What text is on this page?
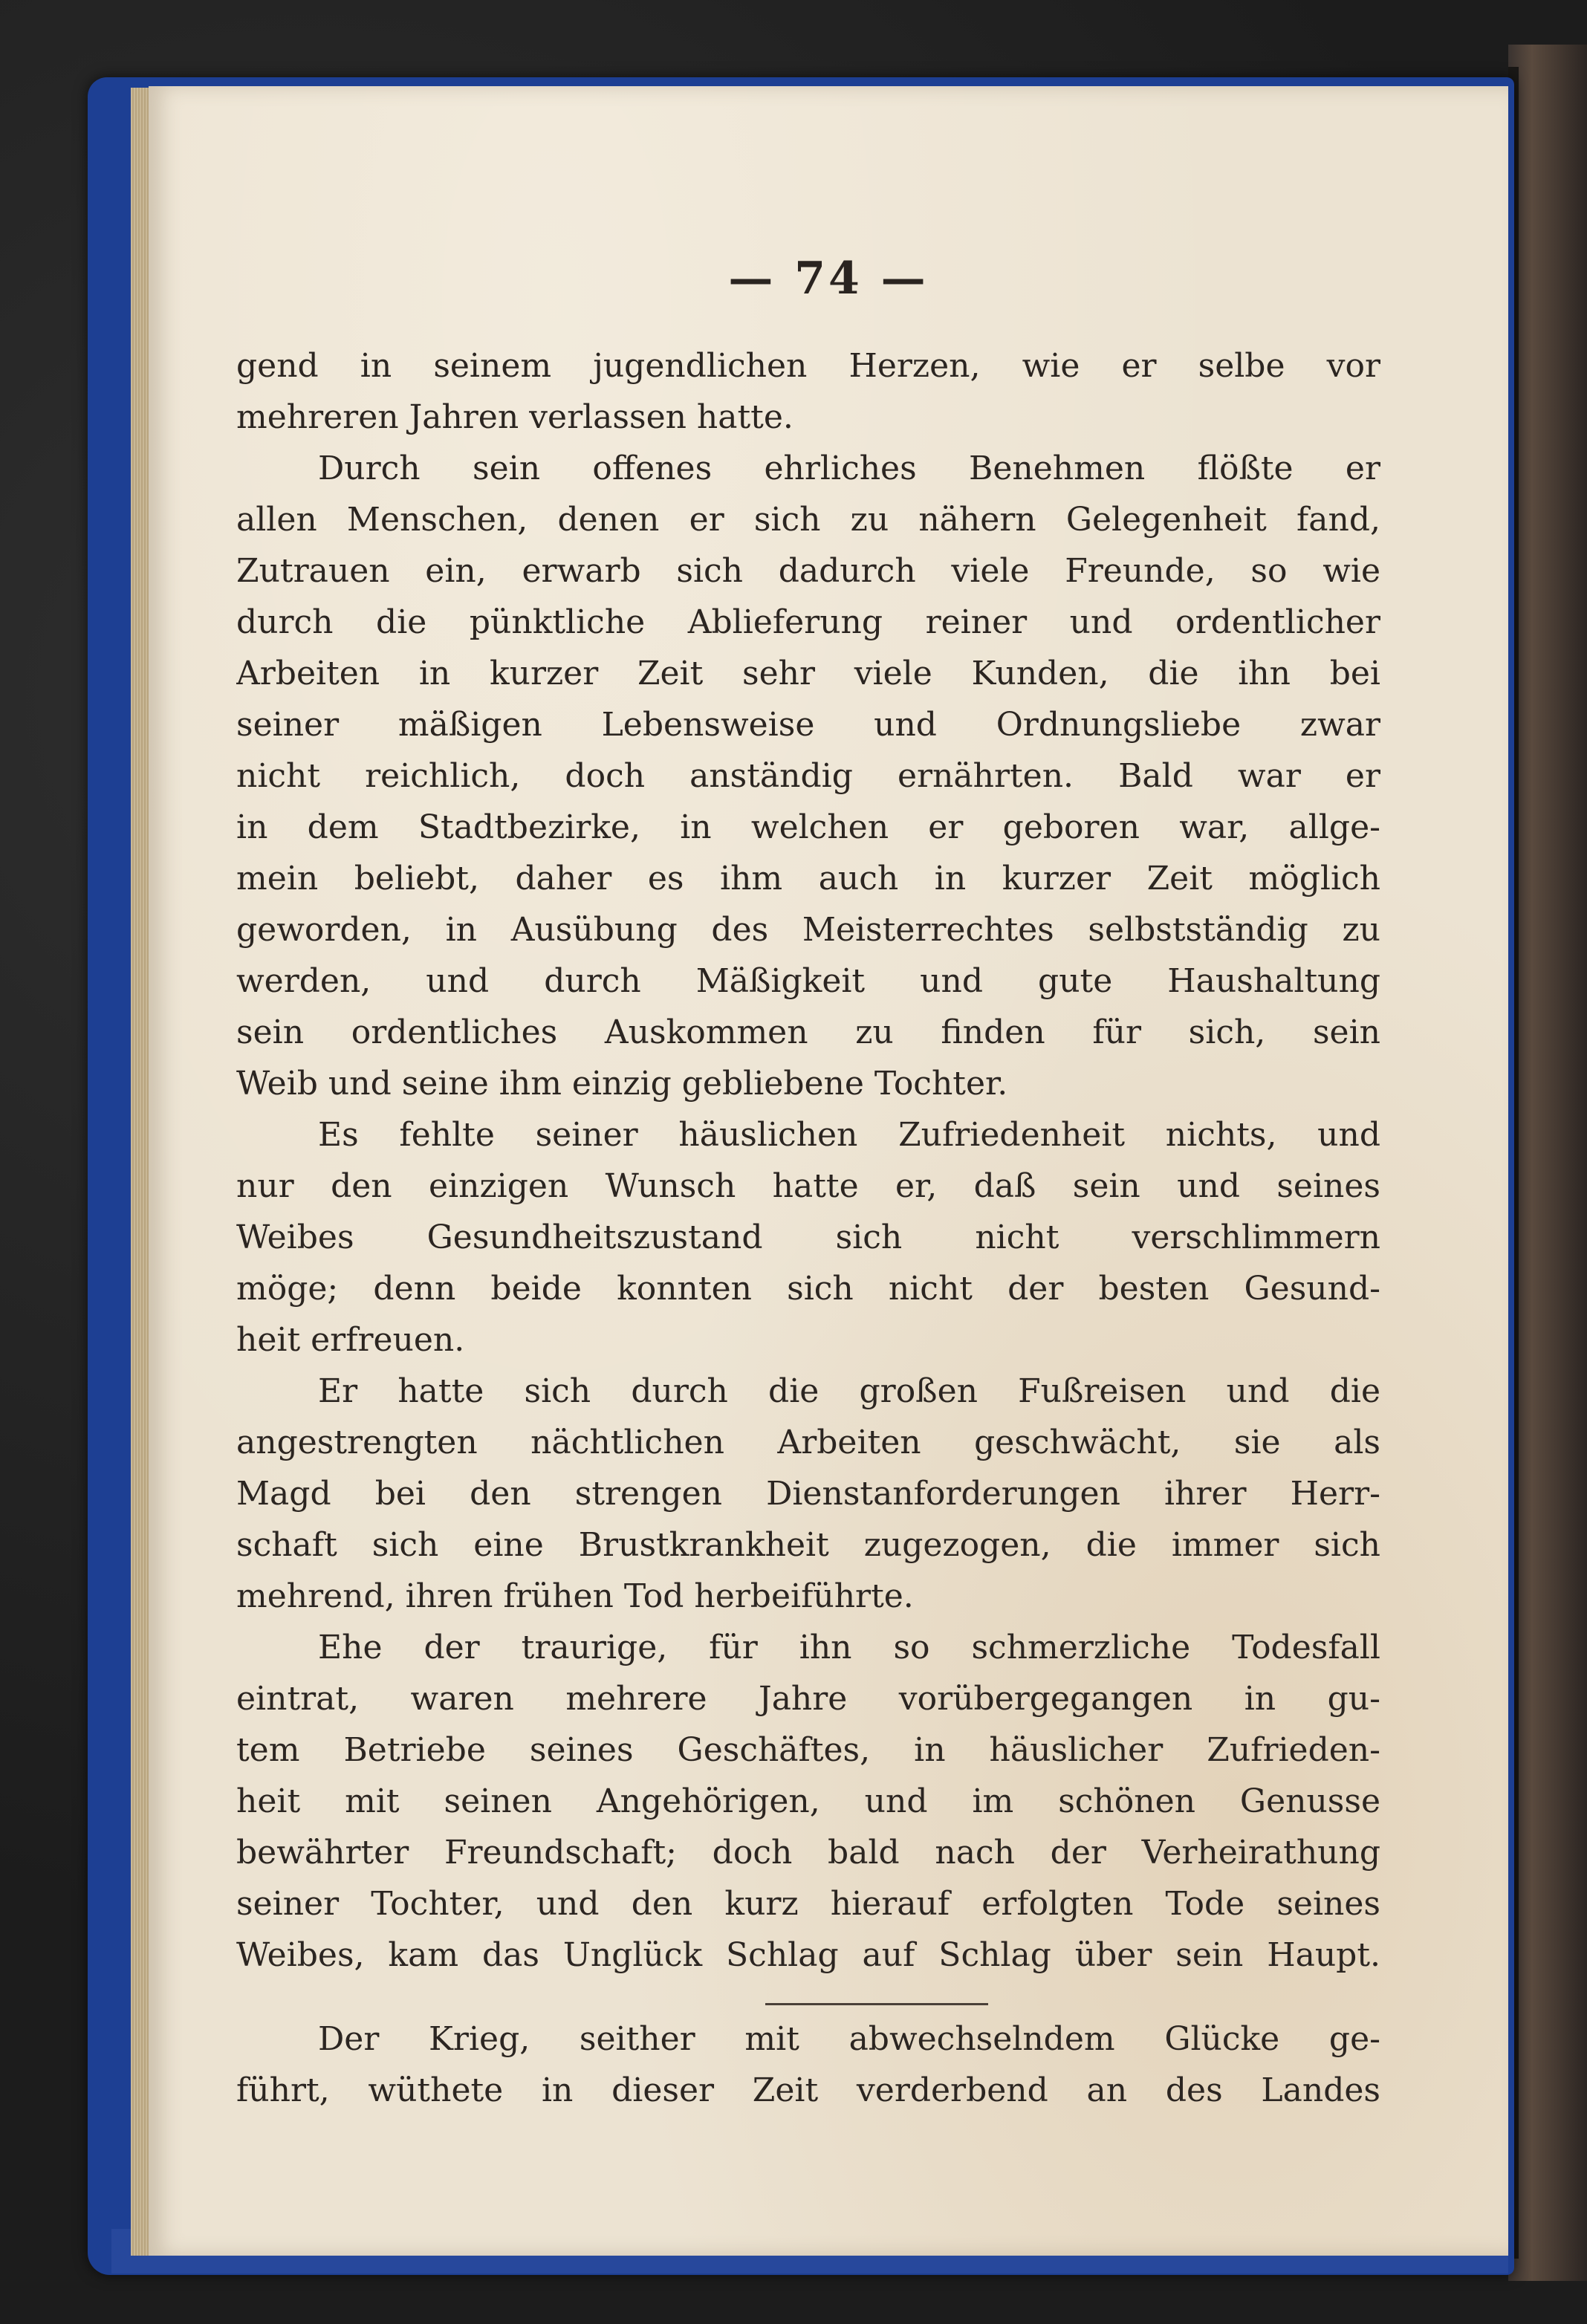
— 74 —
gend in seinem jugendlichen Herzen, wie er selbe vor
mehreren Jahren verlassen hatte.
Durch sein offenes ehrliches Benehmen flößte er
allen Menschen, denen er sich zu nähern Gelegenheit fand,
Zutrauen ein, erwarb sich dadurch viele Freunde, so wie
durch die pünktliche Ablieferung reiner und ordentlicher
Arbeiten in kurzer Zeit sehr viele Kunden, die ihn bei
seiner mäßigen Lebensweise und Ordnungsliebe zwar
nicht reichlich, doch anständig ernährten. Bald war er
in dem Stadtbezirke, in welchen er geboren war, allge-
mein beliebt, daher es ihm auch in kurzer Zeit möglich
geworden, in Ausübung des Meisterrechtes selbstständig zu
werden, und durch Mäßigkeit und gute Haushaltung
sein ordentliches Auskommen zu finden für sich, sein
Weib und seine ihm einzig gebliebene Tochter.
Es fehlte seiner häuslichen Zufriedenheit nichts, und
nur den einzigen Wunsch hatte er, daß sein und seines
Weibes Gesundheitszustand sich nicht verschlimmern
möge; denn beide konnten sich nicht der besten Gesund-
heit erfreuen.
Er hatte sich durch die großen Fußreisen und die
angestrengten nächtlichen Arbeiten geschwächt, sie als
Magd bei den strengen Dienstanforderungen ihrer Herr-
schaft sich eine Brustkrankheit zugezogen, die immer sich
mehrend, ihren frühen Tod herbeiführte.
Ehe der traurige, für ihn so schmerzliche Todesfall
eintrat, waren mehrere Jahre vorübergegangen in gu-
tem Betriebe seines Geschäftes, in häuslicher Zufrieden-
heit mit seinen Angehörigen, und im schönen Genusse
bewährter Freundschaft; doch bald nach der Verheirathung
seiner Tochter, und den kurz hierauf erfolgten Tode seines
Weibes, kam das Unglück Schlag auf Schlag über sein Haupt.
Der Krieg, seither mit abwechselndem Glücke ge-
führt, wüthete in dieser Zeit verderbend an des Landes
